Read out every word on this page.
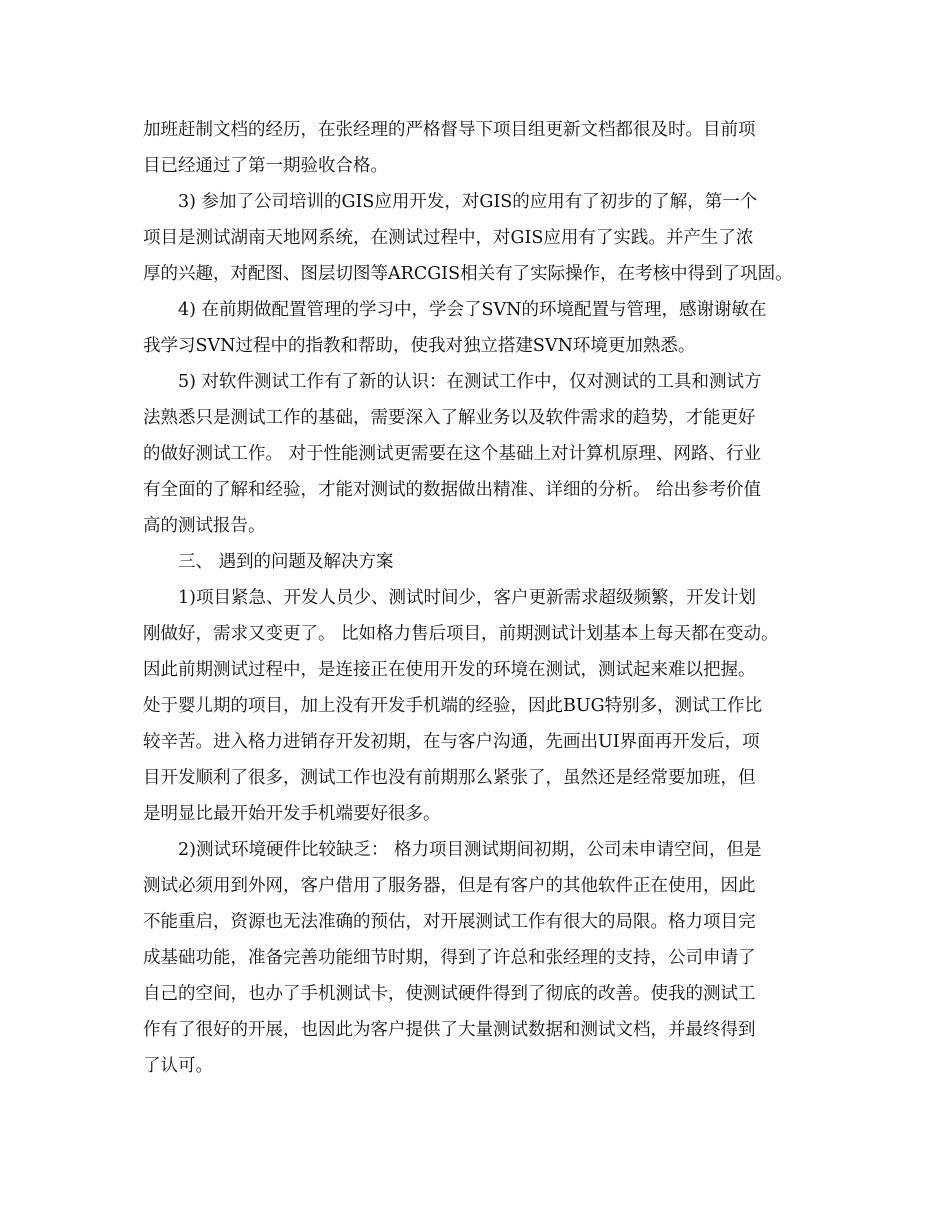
加班赶制文档的经历，在张经理的严格督导下项目组更新文档都很及时。目前项
目已经通过了第一期验收合格。
3) 参加了公司培训的GIS应用开发，对GIS的应用有了初步的了解，第一个
项目是测试湖南天地网系统，在测试过程中，对GIS应用有了实践。并产生了浓
厚的兴趣，对配图、图层切图等ARCGIS相关有了实际操作，在考核中得到了巩固。
4) 在前期做配置管理的学习中，学会了SVN的环境配置与管理，感谢谢敏在
我学习SVN过程中的指教和帮助，使我对独立搭建SVN环境更加熟悉。
5) 对软件测试工作有了新的认识：在测试工作中，仅对测试的工具和测试方
法熟悉只是测试工作的基础，需要深入了解业务以及软件需求的趋势，才能更好
的做好测试工作。 对于性能测试更需要在这个基础上对计算机原理、网路、行业
有全面的了解和经验，才能对测试的数据做出精准、详细的分析。 给出参考价值
高的测试报告。
三、 遇到的问题及解决方案
1)项目紧急、开发人员少、测试时间少，客户更新需求超级频繁，开发计划
刚做好，需求又变更了。 比如格力售后项目，前期测试计划基本上每天都在变动。
因此前期测试过程中，是连接正在使用开发的环境在测试，测试起来难以把握。
处于婴儿期的项目，加上没有开发手机端的经验，因此BUG特别多，测试工作比
较辛苦。进入格力进销存开发初期，在与客户沟通，先画出UI界面再开发后，项
目开发顺利了很多，测试工作也没有前期那么紧张了，虽然还是经常要加班，但
是明显比最开始开发手机端要好很多。
2)测试环境硬件比较缺乏： 格力项目测试期间初期，公司未申请空间，但是
测试必须用到外网，客户借用了服务器，但是有客户的其他软件正在使用，因此
不能重启，资源也无法准确的预估，对开展测试工作有很大的局限。格力项目完
成基础功能，准备完善功能细节时期，得到了许总和张经理的支持，公司申请了
自己的空间，也办了手机测试卡，使测试硬件得到了彻底的改善。使我的测试工
作有了很好的开展，也因此为客户提供了大量测试数据和测试文档，并最终得到
了认可。
